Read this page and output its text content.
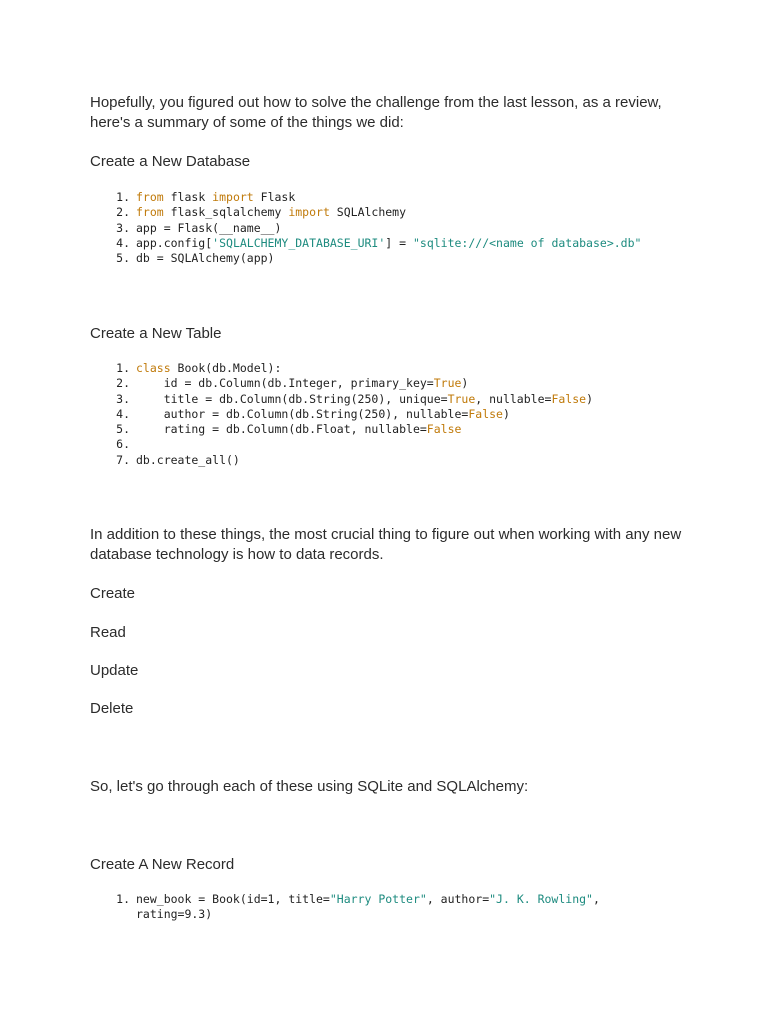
Hopefully, you figured out how to solve the challenge from the last lesson, as a review, here's a summary of some of the things we did:

Create a New Database

1. from flask import Flask
2. from flask_sqlalchemy import SQLAlchemy
3. app = Flask(__name__)
4. app.config['SQLALCHEMY_DATABASE_URI'] = "sqlite:///<name of database>.db"
5. db = SQLAlchemy(app)

Create a New Table

1. class Book(db.Model):
2. id = db.Column(db.Integer, primary_key=True)
3. title = db.Column(db.String(250), unique=True, nullable=False)
4. author = db.Column(db.String(250), nullable=False)
5. rating = db.Column(db.Float, nullable=False
6.

7. db.create_all()

In addition to these things, the most crucial thing to figure out when working with any new database technology is how to data records.

Create

Read

Update

Delete

So, let's go through each of these using SQLite and SQLAlchemy:

Create A New Record

1. new_book = Book(id=1, title="Harry Potter", author="J. K. Rowling",
rating=9.3)
